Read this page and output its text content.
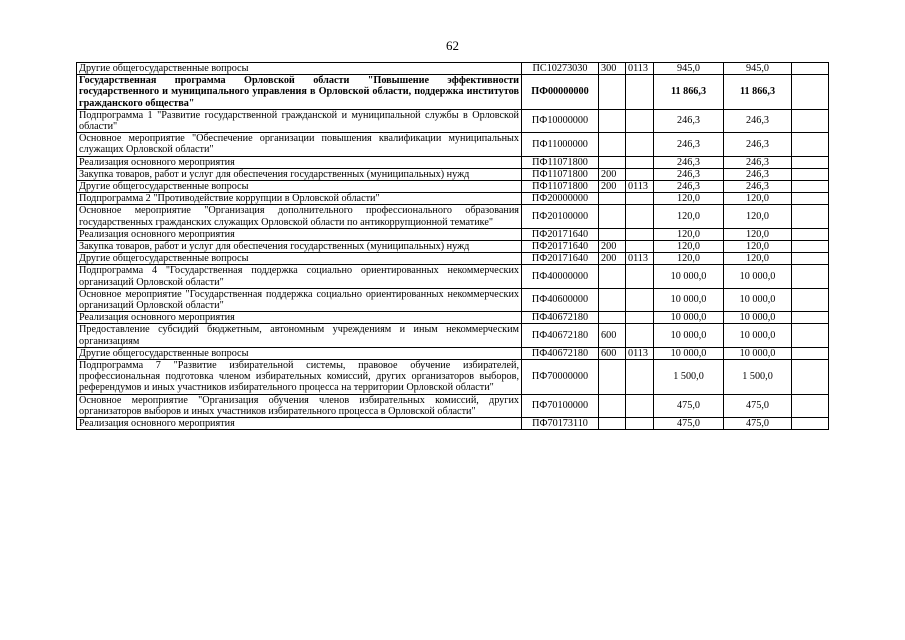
62
Другие общегосударственные вопросы	ПС10273030	300	0113	945,0	945,0	
Государственная программа Орловской области "Повышение эффективности государственного и муниципального управления в Орловской области, поддержка институтов гражданского общества"	ПФ00000000			11 866,3	11 866,3	
Подпрограмма 1 "Развитие государственной гражданской и муниципальной службы в Орловской области"	ПФ10000000			246,3	246,3	
Основное мероприятие "Обеспечение организации повышения квалификации муниципальных служащих Орловской области"	ПФ11000000			246,3	246,3	
Реализация основного мероприятия	ПФ11071800			246,3	246,3	
Закупка товаров, работ и услуг для обеспечения государственных (муниципальных) нужд	ПФ11071800	200		246,3	246,3	
Другие общегосударственные вопросы	ПФ11071800	200	0113	246,3	246,3	
Подпрограмма 2 "Противодействие коррупции в Орловской области"	ПФ20000000			120,0	120,0	
Основное мероприятие "Организация дополнительного профессионального образования государственных гражданских служащих Орловской области по антикоррупционной тематике"	ПФ20100000			120,0	120,0	
Реализация основного мероприятия	ПФ20171640			120,0	120,0	
Закупка товаров, работ и услуг для обеспечения государственных (муниципальных) нужд	ПФ20171640	200		120,0	120,0	
Другие общегосударственные вопросы	ПФ20171640	200	0113	120,0	120,0	
Подпрограмма 4 "Государственная поддержка социально ориентированных некоммерческих организаций Орловской области"	ПФ40000000			10 000,0	10 000,0	
Основное мероприятие "Государственная поддержка социально ориентированных некоммерческих организаций Орловской области"	ПФ40600000			10 000,0	10 000,0	
Реализация основного мероприятия	ПФ40672180			10 000,0	10 000,0	
Предоставление субсидий бюджетным, автономным учреждениям и иным некоммерческим организациям	ПФ40672180	600		10 000,0	10 000,0	
Другие общегосударственные вопросы	ПФ40672180	600	0113	10 000,0	10 000,0	
Подпрограмма 7 "Развитие избирательной системы, правовое обучение избирателей, профессиональная подготовка членом избирательных комиссий, других организаторов выборов, референдумов и иных участников избирательного процесса на территории Орловской области"	ПФ70000000			1 500,0	1 500,0	
Основное мероприятие "Организация обучения членов избирательных комиссий, других организаторов выборов и иных участников избирательного процесса в Орловской области"	ПФ70100000			475,0	475,0	
Реализация основного мероприятия	ПФ70173110			475,0	475,0	
